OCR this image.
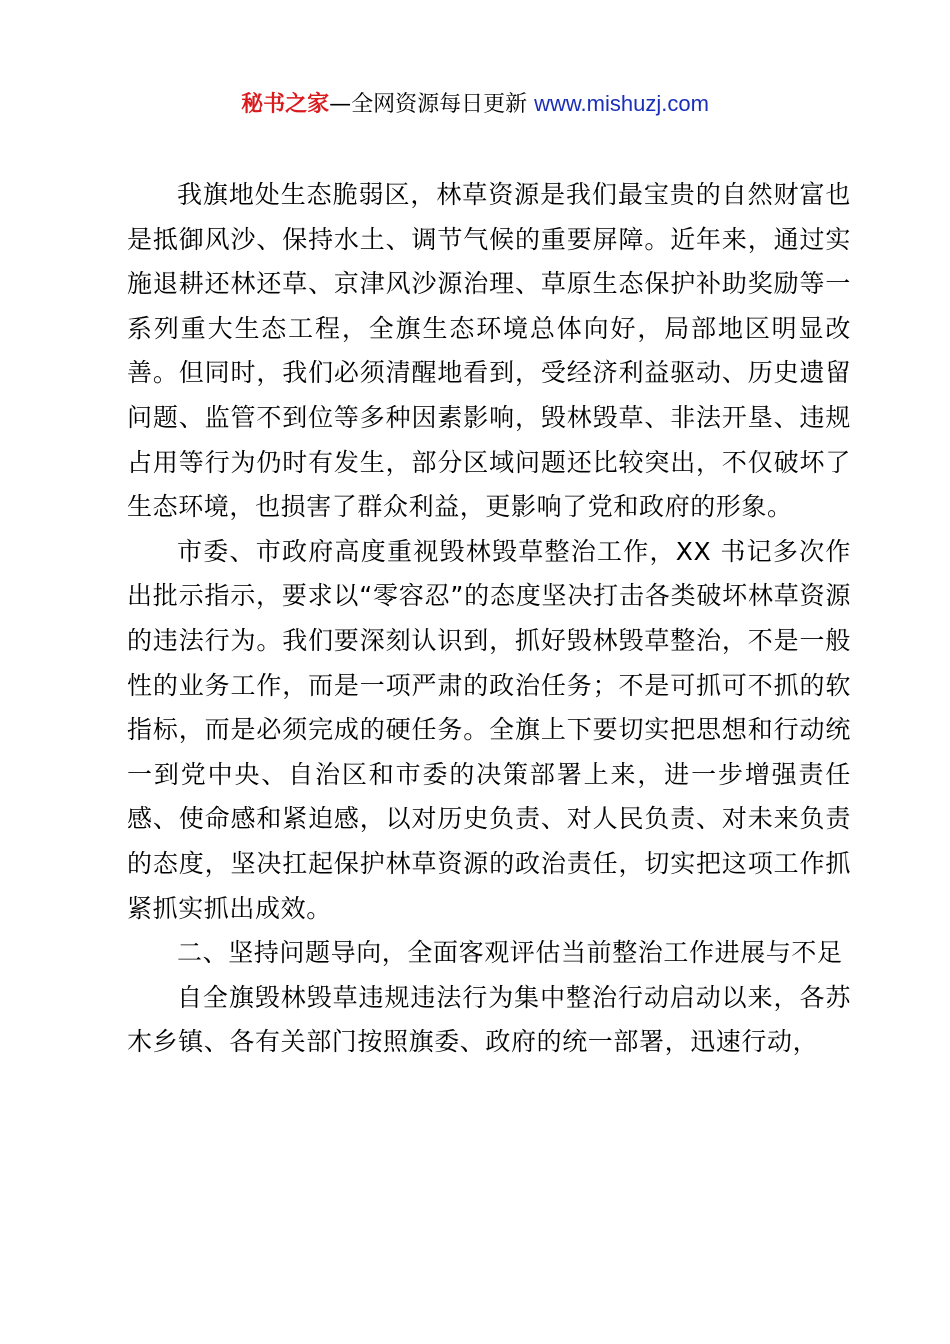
秘书之家—全网资源每日更新 www.mishuzj.com

我旗地处生态脆弱区，林草资源是我们最宝贵的自然财富也是抵御风沙、保持水土、调节气候的重要屏障。近年来，通过实施退耕还林还草、京津风沙源治理、草原生态保护补助奖励等一系列重大生态工程，全旗生态环境总体向好，局部地区明显改善。但同时，我们必须清醒地看到，受经济利益驱动、历史遗留问题、监管不到位等多种因素影响，毁林毁草、非法开垦、违规占用等行为仍时有发生，部分区域问题还比较突出，不仅破坏了生态环境，也损害了群众利益，更影响了党和政府的形象。

市委、市政府高度重视毁林毁草整治工作，XX 书记多次作出批示指示，要求以“零容忍”的态度坚决打击各类破坏林草资源的违法行为。我们要深刻认识到，抓好毁林毁草整治，不是一般性的业务工作，而是一项严肃的政治任务；不是可抓可不抓的软指标，而是必须完成的硬任务。全旗上下要切实把思想和行动统一到党中央、自治区和市委的决策部署上来，进一步增强责任感、使命感和紧迫感，以对历史负责、对人民负责、对未来负责的态度，坚决扛起保护林草资源的政治责任，切实把这项工作抓紧抓实抓出成效。

二、坚持问题导向，全面客观评估当前整治工作进展与不足

自全旗毁林毁草违规违法行为集中整治行动启动以来，各苏木乡镇、各有关部门按照旗委、政府的统一部署，迅速行动，
